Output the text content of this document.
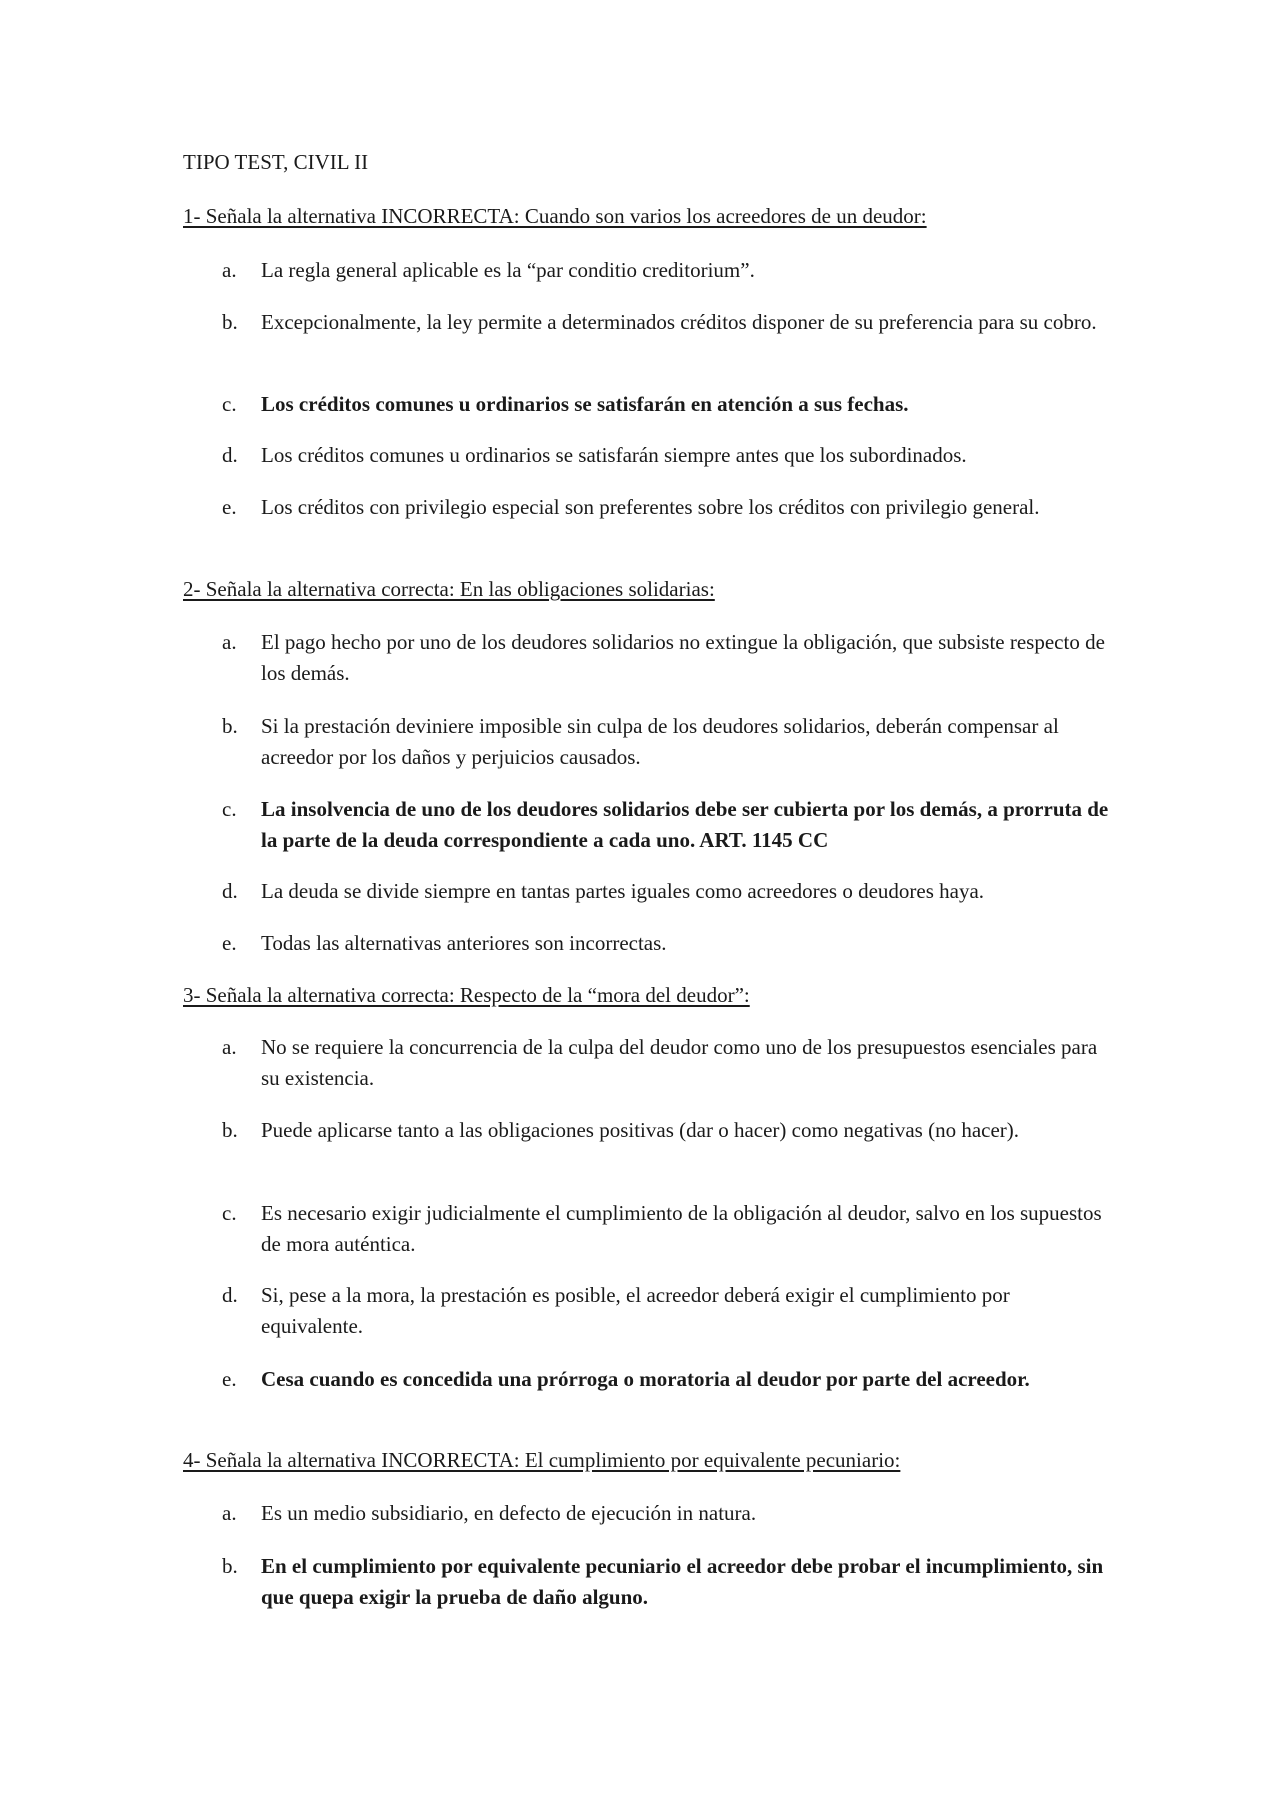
TIPO TEST, CIVIL II

1- Señala la alternativa INCORRECTA: Cuando son varios los acreedores de un deudor:

a. La regla general aplicable es la “par conditio creditorium”.
b. Excepcionalmente, la ley permite a determinados créditos disponer de su preferencia para su cobro.
c. Los créditos comunes u ordinarios se satisfarán en atención a sus fechas.
d. Los créditos comunes u ordinarios se satisfarán siempre antes que los subordinados.
e. Los créditos con privilegio especial son preferentes sobre los créditos con privilegio general.

2- Señala la alternativa correcta: En las obligaciones solidarias:

a. El pago hecho por uno de los deudores solidarios no extingue la obligación, que subsiste respecto de los demás.
b. Si la prestación deviniere imposible sin culpa de los deudores solidarios, deberán compensar al acreedor por los daños y perjuicios causados.
c. La insolvencia de uno de los deudores solidarios debe ser cubierta por los demás, a prorruta de la parte de la deuda correspondiente a cada uno. ART. 1145 CC
d. La deuda se divide siempre en tantas partes iguales como acreedores o deudores haya.
e. Todas las alternativas anteriores son incorrectas.

3- Señala la alternativa correcta: Respecto de la “mora del deudor”:

a. No se requiere la concurrencia de la culpa del deudor como uno de los presupuestos esenciales para su existencia.
b. Puede aplicarse tanto a las obligaciones positivas (dar o hacer) como negativas (no hacer).
c. Es necesario exigir judicialmente el cumplimiento de la obligación al deudor, salvo en los supuestos de mora auténtica.
d. Si, pese a la mora, la prestación es posible, el acreedor deberá exigir el cumplimiento por equivalente.
e. Cesa cuando es concedida una prórroga o moratoria al deudor por parte del acreedor.

4- Señala la alternativa INCORRECTA: El cumplimiento por equivalente pecuniario:

a. Es un medio subsidiario, en defecto de ejecución in natura.
b. En el cumplimiento por equivalente pecuniario el acreedor debe probar el incumplimiento, sin que quepa exigir la prueba de daño alguno.
